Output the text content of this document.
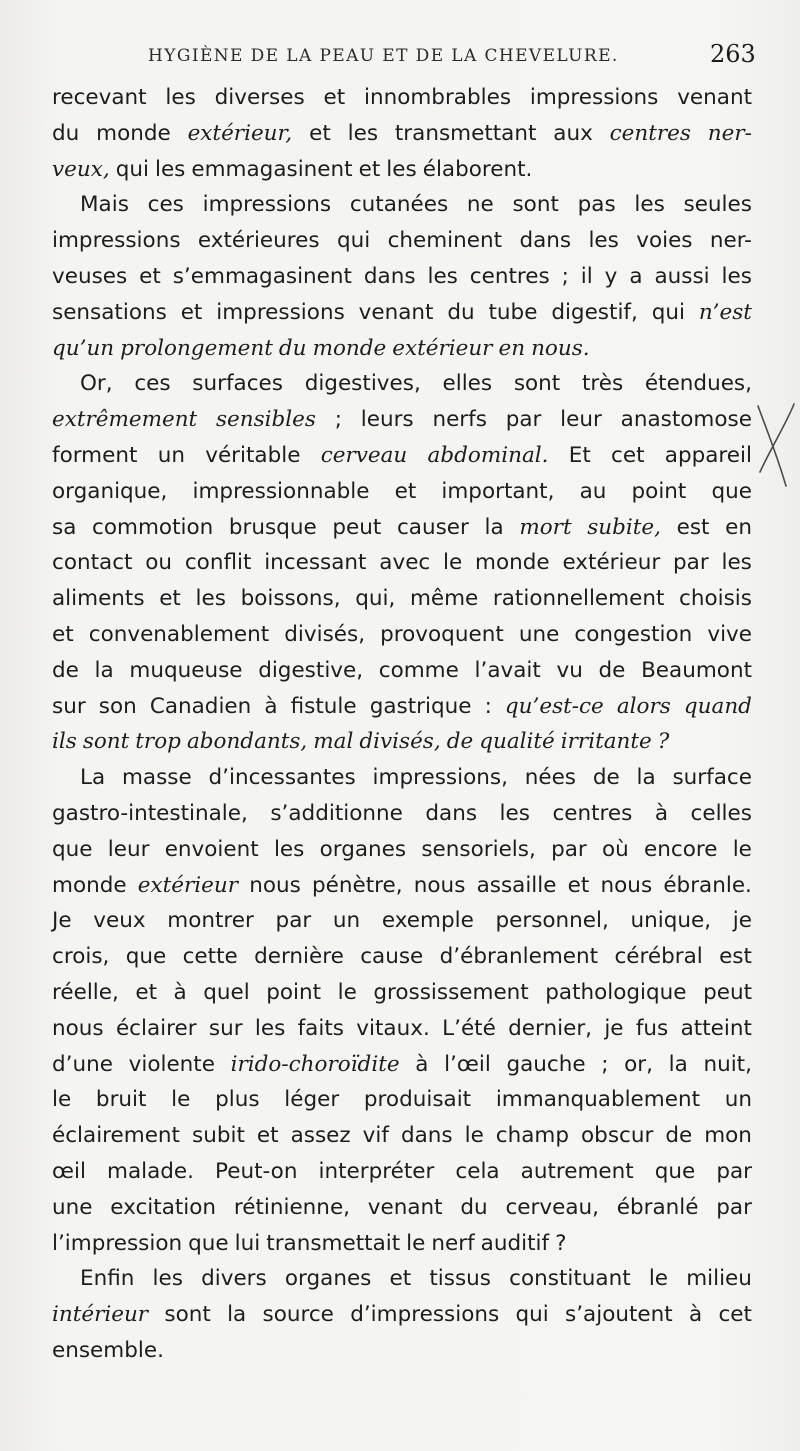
HYGIÈNE DE LA PEAU ET DE LA CHEVELURE.	263
recevant les diverses et innombrables impressions venant
du monde extérieur, et les transmettant aux centres ner-
veux, qui les emmagasinent et les élaborent.
Mais ces impressions cutanées ne sont pas les seules
impressions extérieures qui cheminent dans les voies ner-
veuses et s’emmagasinent dans les centres ; il y a aussi les
sensations et impressions venant du tube digestif, qui n’est
qu’un prolongement du monde extérieur en nous.
Or, ces surfaces digestives, elles sont très étendues,
extrêmement sensibles ; leurs nerfs par leur anastomose
forment un véritable cerveau abdominal. Et cet appareil
organique, impressionnable et important, au point que
sa commotion brusque peut causer la mort subite, est en
contact ou conflit incessant avec le monde extérieur par les
aliments et les boissons, qui, même rationnellement choisis
et convenablement divisés, provoquent une congestion vive
de la muqueuse digestive, comme l’avait vu de Beaumont
sur son Canadien à fistule gastrique : qu’est-ce alors quand
ils sont trop abondants, mal divisés, de qualité irritante ?
La masse d’incessantes impressions, nées de la surface
gastro-intestinale, s’additionne dans les centres à celles
que leur envoient les organes sensoriels, par où encore le
monde extérieur nous pénètre, nous assaille et nous ébranle.
Je veux montrer par un exemple personnel, unique, je
crois, que cette dernière cause d’ébranlement cérébral est
réelle, et à quel point le grossissement pathologique peut
nous éclairer sur les faits vitaux. L’été dernier, je fus atteint
d’une violente irido-choroïdite à l’œil gauche ; or, la nuit,
le bruit le plus léger produisait immanquablement un
éclairement subit et assez vif dans le champ obscur de mon
œil malade. Peut-on interpréter cela autrement que par
une excitation rétinienne, venant du cerveau, ébranlé par
l’impression que lui transmettait le nerf auditif ?
Enfin les divers organes et tissus constituant le milieu
intérieur sont la source d’impressions qui s’ajoutent à cet
ensemble.
